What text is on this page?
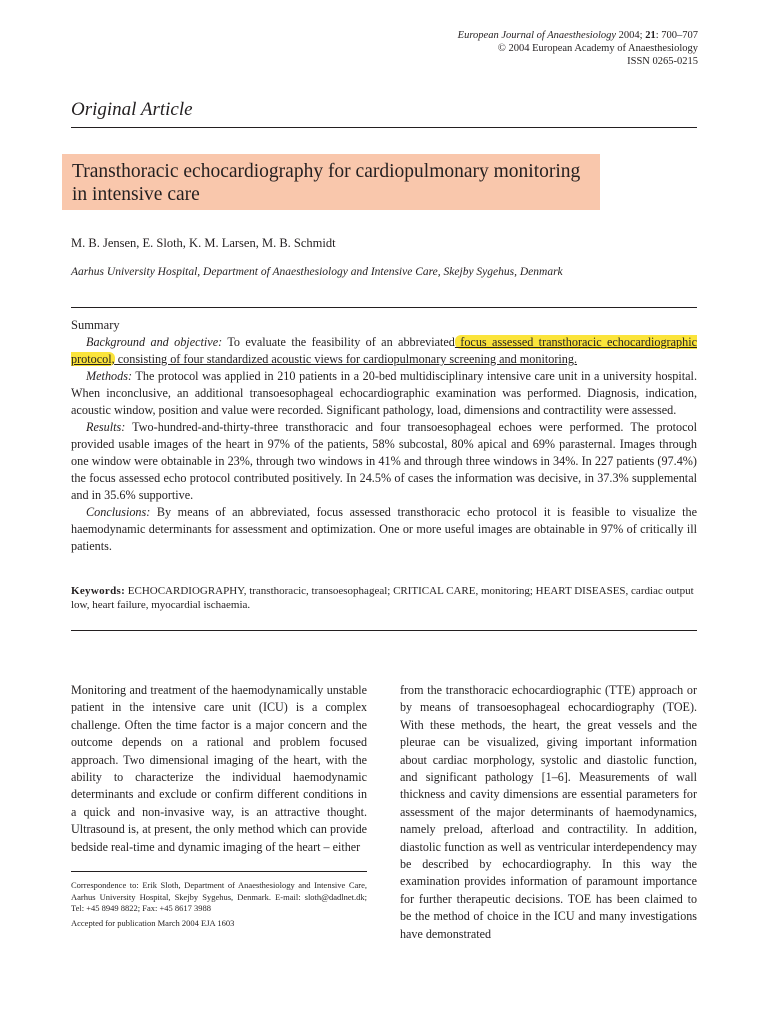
European Journal of Anaesthesiology 2004; 21: 700–707
© 2004 European Academy of Anaesthesiology
ISSN 0265-0215
Original Article
Transthoracic echocardiography for cardiopulmonary monitoring in intensive care
M. B. Jensen, E. Sloth, K. M. Larsen, M. B. Schmidt
Aarhus University Hospital, Department of Anaesthesiology and Intensive Care, Skejby Sygehus, Denmark
Summary

Background and objective: To evaluate the feasibility of an abbreviated focus assessed transthoracic echocardiographic protocol, consisting of four standardized acoustic views for cardiopulmonary screening and monitoring.

Methods: The protocol was applied in 210 patients in a 20-bed multidisciplinary intensive care unit in a university hospital. When inconclusive, an additional transoesophageal echocardiographic examination was performed. Diagnosis, indication, acoustic window, position and value were recorded. Significant pathology, load, dimensions and contractility were assessed.

Results: Two-hundred-and-thirty-three transthoracic and four transoesophageal echoes were performed. The protocol provided usable images of the heart in 97% of the patients, 58% subcostal, 80% apical and 69% parasternal. Images through one window were obtainable in 23%, through two windows in 41% and through three windows in 34%. In 227 patients (97.4%) the focus assessed echo protocol contributed positively. In 24.5% of cases the information was decisive, in 37.3% supplemental and in 35.6% supportive.

Conclusions: By means of an abbreviated, focus assessed transthoracic echo protocol it is feasible to visualize the haemodynamic determinants for assessment and optimization. One or more useful images are obtainable in 97% of critically ill patients.

Keywords: ECHOCARDIOGRAPHY, transthoracic, transoesophageal; CRITICAL CARE, monitoring; HEART DISEASES, cardiac output low, heart failure, myocardial ischaemia.
Monitoring and treatment of the haemodynamically unstable patient in the intensive care unit (ICU) is a complex challenge. Often the time factor is a major concern and the outcome depends on a rational and problem focused approach. Two dimensional imaging of the heart, with the ability to characterize the individual haemodynamic determinants and exclude or confirm different conditions in a quick and non-invasive way, is an attractive thought. Ultrasound is, at present, the only method which can provide bedside real-time and dynamic imaging of the heart – either
from the transthoracic echocardiographic (TTE) approach or by means of transoesophageal echocardiography (TOE). With these methods, the heart, the great vessels and the pleurae can be visualized, giving important information about cardiac morphology, systolic and diastolic function, and significant pathology [1–6]. Measurements of wall thickness and cavity dimensions are essential parameters for assessment of the major determinants of haemodynamics, namely preload, afterload and contractility. In addition, diastolic function as well as ventricular interdependency may be described by echocardiography. In this way the examination provides information of paramount importance for further therapeutic decisions. TOE has been claimed to be the method of choice in the ICU and many investigations have demonstrated
Correspondence to: Erik Sloth, Department of Anaesthesiology and Intensive Care, Aarhus University Hospital, Skejby Sygehus, Denmark. E-mail: sloth@dadlnet.dk; Tel: +45 8949 8822; Fax: +45 8617 3988
Accepted for publication March 2004 EJA 1603
